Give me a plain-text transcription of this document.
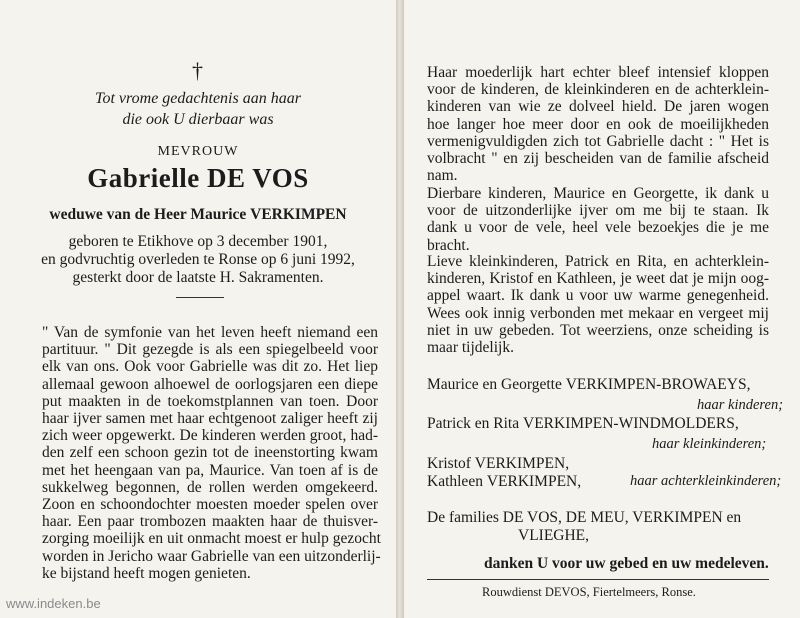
†
Tot vrome gedachtenis aan haar
die ook U dierbaar was
MEVROUW
Gabrielle DE VOS
weduwe van de Heer Maurice VERKIMPEN
geboren te Etikhove op 3 december 1901,
en godvruchtig overleden te Ronse op 6 juni 1992,
gesterkt door de laatste H. Sakramenten.
" Van de symfonie van het leven heeft niemand een
partituur. " Dit gezegde is als een spiegelbeeld voor
elk van ons. Ook voor Gabrielle was dit zo. Het liep
allemaal gewoon alhoewel de oorlogsjaren een diepe
put maakten in de toekomstplannen van toen. Door
haar ijver samen met haar echtgenoot zaliger heeft zij
zich weer opgewerkt. De kinderen werden groot, had-
den zelf een schoon gezin tot de ineenstorting kwam
met het heengaan van pa, Maurice. Van toen af is de
sukkelweg begonnen, de rollen werden omgekeerd.
Zoon en schoondochter moesten moeder spelen over
haar. Een paar trombozen maakten haar de thuisver-
zorging moeilijk en uit onmacht moest er hulp gezocht
worden in Jericho waar Gabrielle van een uitzonderlij-
ke bijstand heeft mogen genieten.
www.indeken.be
Haar moederlijk hart echter bleef intensief kloppen
voor de kinderen, de kleinkinderen en de achterklein-
kinderen van wie ze dolveel hield. De jaren wogen
hoe langer hoe meer door en ook de moeilijkheden
vermenigvuldigden zich tot Gabrielle dacht : " Het is
volbracht " en zij bescheiden van de familie afscheid
nam.
Dierbare kinderen, Maurice en Georgette, ik dank u
voor de uitzonderlijke ijver om me bij te staan. Ik
dank u voor de vele, heel vele bezoekjes die je me
bracht.
Lieve kleinkinderen, Patrick en Rita, en achterklein-
kinderen, Kristof en Kathleen, je weet dat je mijn oog-
appel waart. Ik dank u voor uw warme genegenheid.
Wees ook innig verbonden met mekaar en vergeet mij
niet in uw gebeden. Tot weerziens, onze scheiding is
maar tijdelijk.
Maurice en Georgette VERKIMPEN-BROWAEYS,
haar kinderen;
Patrick en Rita VERKIMPEN-WINDMOLDERS,
haar kleinkinderen;
Kristof VERKIMPEN,
Kathleen VERKIMPEN,	haar achterkleinkinderen;
De families DE VOS, DE MEU, VERKIMPEN en
VLIEGHE,
danken U voor uw gebed en uw medeleven.
Rouwdienst DEVOS, Fiertelmeers, Ronse.
